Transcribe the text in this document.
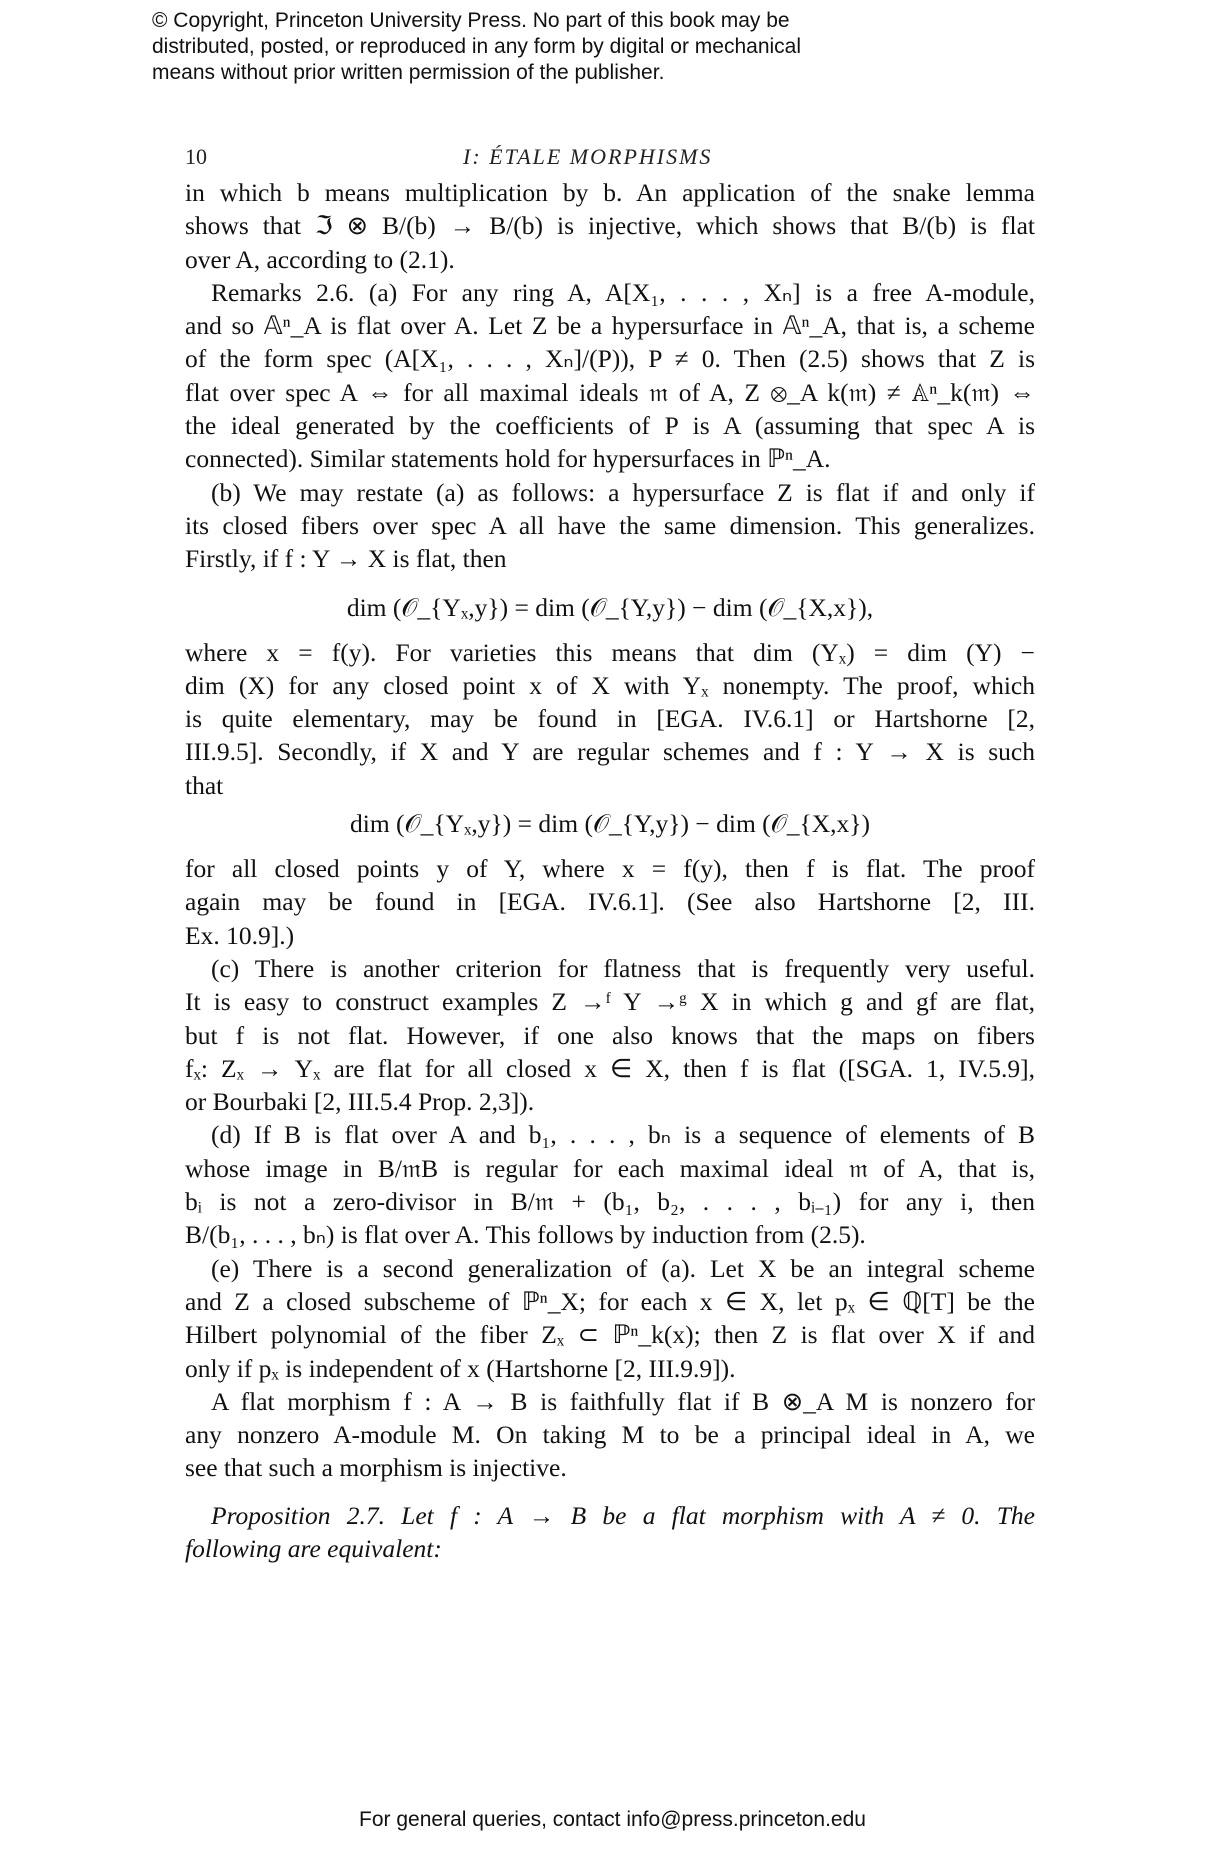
© Copyright, Princeton University Press. No part of this book may be
distributed, posted, or reproduced in any form by digital or mechanical
means without prior written permission of the publisher.
10	I: ÉTALE MORPHISMS
in which b means multiplication by b. An application of the snake lemma
shows that ℑ ⊗ B/(b) → B/(b) is injective, which shows that B/(b) is flat
over A, according to (2.1).
Remarks 2.6. (a) For any ring A, A[X₁, . . . , Xₙ] is a free A-module,
and so 𝔸ⁿ_A is flat over A. Let Z be a hypersurface in 𝔸ⁿ_A, that is, a scheme
of the form spec (A[X₁, . . . , Xₙ]/(P)), P ≠ 0. Then (2.5) shows that Z is
flat over spec A ⇔ for all maximal ideals 𝔪 of A, Z ⊗_A k(𝔪) ≠ 𝔸ⁿ_k(𝔪) ⇔
the ideal generated by the coefficients of P is A (assuming that spec A is
connected). Similar statements hold for hypersurfaces in ℙⁿ_A.
(b) We may restate (a) as follows: a hypersurface Z is flat if and only if
its closed fibers over spec A all have the same dimension. This generalizes.
Firstly, if f : Y → X is flat, then
dim (𝒪_{Yₓ,y}) = dim (𝒪_{Y,y}) − dim (𝒪_{X,x}),
where x = f(y). For varieties this means that dim (Yₓ) = dim (Y) −
dim (X) for any closed point x of X with Yₓ nonempty. The proof, which
is quite elementary, may be found in [EGA. IV.6.1] or Hartshorne [2,
III.9.5]. Secondly, if X and Y are regular schemes and f : Y → X is such
that
dim (𝒪_{Yₓ,y}) = dim (𝒪_{Y,y}) − dim (𝒪_{X,x})
for all closed points y of Y, where x = f(y), then f is flat. The proof
again may be found in [EGA. IV.6.1]. (See also Hartshorne [2, III.
Ex. 10.9].)
(c) There is another criterion for flatness that is frequently very useful.
It is easy to construct examples Z →ᶠ Y →ᵍ X in which g and gf are flat,
but f is not flat. However, if one also knows that the maps on fibers
fₓ: Zₓ → Yₓ are flat for all closed x ∈ X, then f is flat ([SGA. 1, IV.5.9],
or Bourbaki [2, III.5.4 Prop. 2,3]).
(d) If B is flat over A and b₁, . . . , bₙ is a sequence of elements of B
whose image in B/𝔪B is regular for each maximal ideal 𝔪 of A, that is,
bᵢ is not a zero-divisor in B/𝔪 + (b₁, b₂, . . . , bᵢ₋₁) for any i, then
B/(b₁, . . . , bₙ) is flat over A. This follows by induction from (2.5).
(e) There is a second generalization of (a). Let X be an integral scheme
and Z a closed subscheme of ℙⁿ_X; for each x ∈ X, let pₓ ∈ ℚ[T] be the
Hilbert polynomial of the fiber Zₓ ⊂ ℙⁿ_k(x); then Z is flat over X if and
only if pₓ is independent of x (Hartshorne [2, III.9.9]).
A flat morphism f : A → B is faithfully flat if B ⊗_A M is nonzero for
any nonzero A-module M. On taking M to be a principal ideal in A, we
see that such a morphism is injective.
Proposition 2.7. Let f : A → B be a flat morphism with A ≠ 0. The
following are equivalent:
For general queries, contact info@press.princeton.edu
